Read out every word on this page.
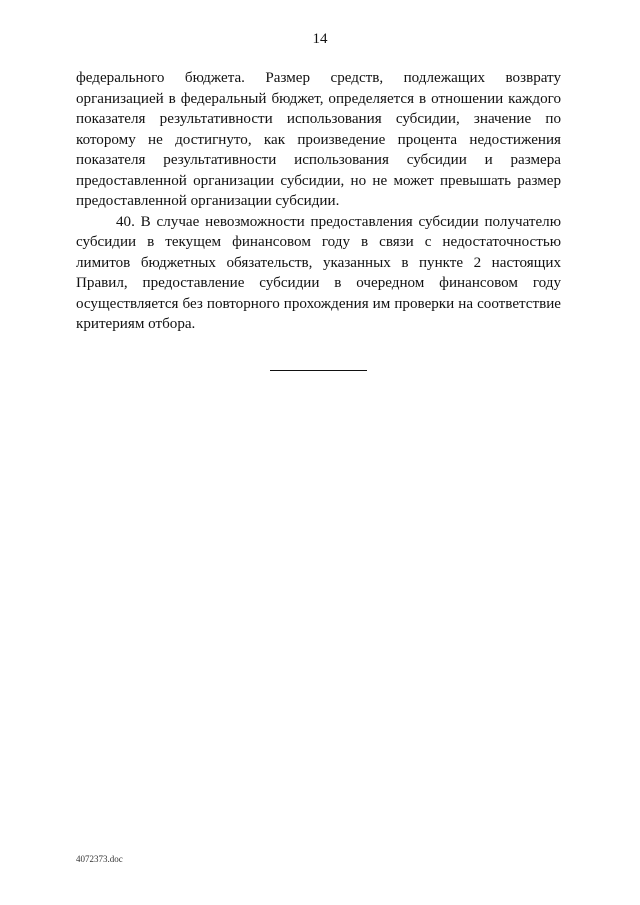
14

федерального бюджета. Размер средств, подлежащих возврату организацией в федеральный бюджет, определяется в отношении каждого показателя результативности использования субсидии, значение по которому не достигнуто, как произведение процента недостижения показателя результативности использования субсидии и размера предоставленной организации субсидии, но не может превышать размер предоставленной организации субсидии.

40. В случае невозможности предоставления субсидии получателю субсидии в текущем финансовом году в связи с недостаточностью лимитов бюджетных обязательств, указанных в пункте 2 настоящих Правил, предоставление субсидии в очередном финансовом году осуществляется без повторного прохождения им проверки на соответствие критериям отбора.

4072373.doc
